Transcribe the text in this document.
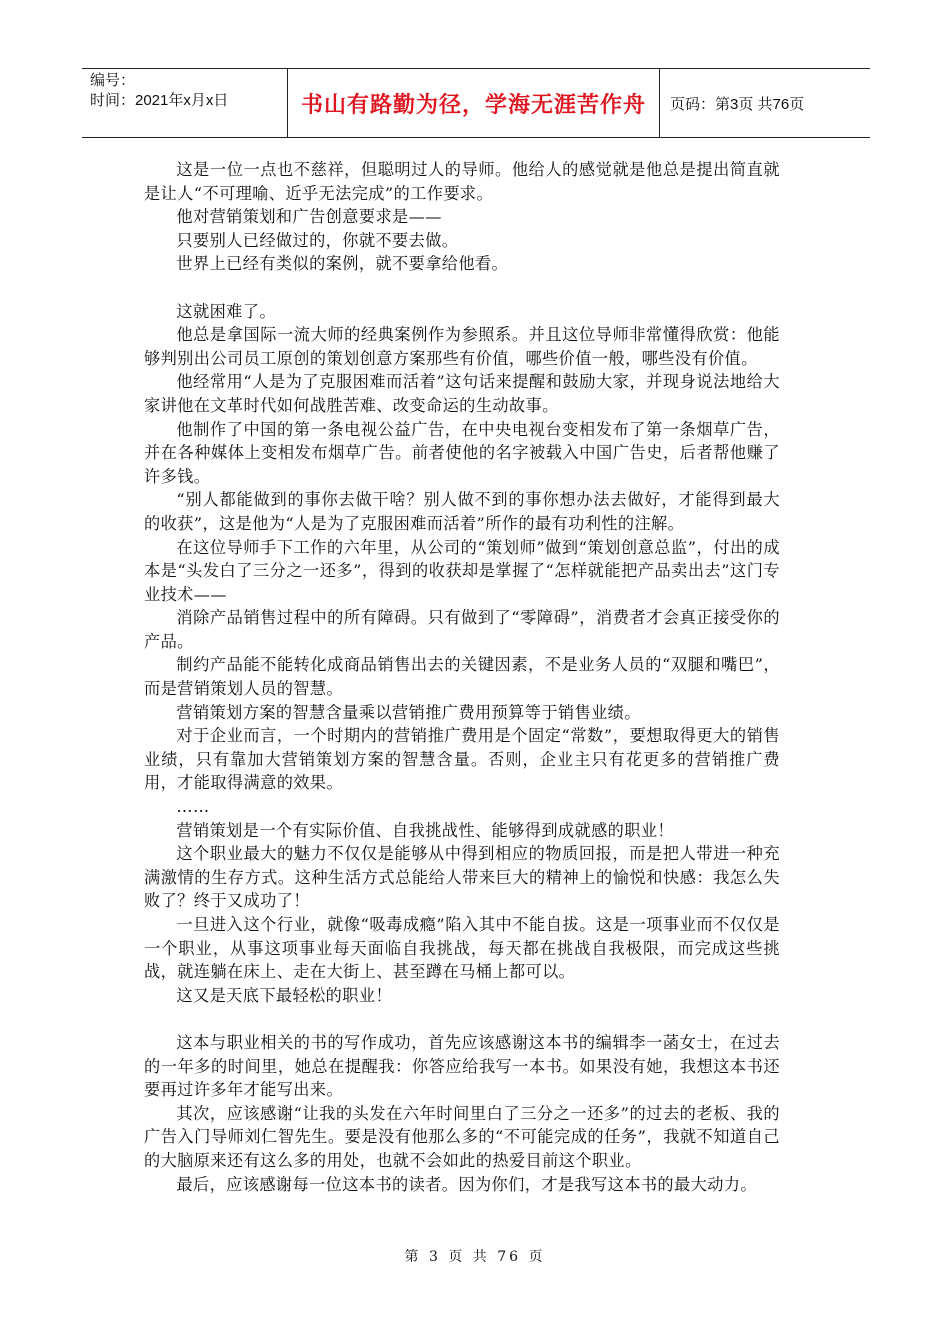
编号：
时间：2021年x月x日	书山有路勤为径，学海无涯苦作舟	页码：第3页 共76页

这是一位一点也不慈祥，但聪明过人的导师。他给人的感觉就是他总是提出简直就是让人“不可理喻、近乎无法完成”的工作要求。

他对营销策划和广告创意要求是——

只要别人已经做过的，你就不要去做。

世界上已经有类似的案例，就不要拿给他看。

这就困难了。

他总是拿国际一流大师的经典案例作为参照系。并且这位导师非常懂得欣赏：他能够判别出公司员工原创的策划创意方案那些有价值，哪些价值一般，哪些没有价值。

他经常用“人是为了克服困难而活着”这句话来提醒和鼓励大家，并现身说法地给大家讲他在文革时代如何战胜苦难、改变命运的生动故事。

他制作了中国的第一条电视公益广告，在中央电视台变相发布了第一条烟草广告，并在各种媒体上变相发布烟草广告。前者使他的名字被载入中国广告史，后者帮他赚了许多钱。

“别人都能做到的事你去做干啥？别人做不到的事你想办法去做好，才能得到最大的收获”，这是他为“人是为了克服困难而活着”所作的最有功利性的注解。

在这位导师手下工作的六年里，从公司的“策划师”做到“策划创意总监”，付出的成本是“头发白了三分之一还多”，得到的收获却是掌握了“怎样就能把产品卖出去”这门专业技术——

消除产品销售过程中的所有障碍。只有做到了“零障碍”，消费者才会真正接受你的产品。

制约产品能不能转化成商品销售出去的关键因素，不是业务人员的“双腿和嘴巴”，而是营销策划人员的智慧。

营销策划方案的智慧含量乘以营销推广费用预算等于销售业绩。

对于企业而言，一个时期内的营销推广费用是个固定“常数”，要想取得更大的销售业绩，只有靠加大营销策划方案的智慧含量。否则，企业主只有花更多的营销推广费用，才能取得满意的效果。

……

营销策划是一个有实际价值、自我挑战性、能够得到成就感的职业！

这个职业最大的魅力不仅仅是能够从中得到相应的物质回报，而是把人带进一种充满激情的生存方式。这种生活方式总能给人带来巨大的精神上的愉悦和快感：我怎么失败了？终于又成功了！

一旦进入这个行业，就像“吸毒成瘾”陷入其中不能自拔。这是一项事业而不仅仅是一个职业，从事这项事业每天面临自我挑战，每天都在挑战自我极限，而完成这些挑战，就连躺在床上、走在大街上、甚至蹲在马桶上都可以。

这又是天底下最轻松的职业！

这本与职业相关的书的写作成功，首先应该感谢这本书的编辑李一菡女士，在过去的一年多的时间里，她总在提醒我：你答应给我写一本书。如果没有她，我想这本书还要再过许多年才能写出来。

其次，应该感谢“让我的头发在六年时间里白了三分之一还多”的过去的老板、我的广告入门导师刘仁智先生。要是没有他那么多的“不可能完成的任务”，我就不知道自己的大脑原来还有这么多的用处，也就不会如此的热爱目前这个职业。

最后，应该感谢每一位这本书的读者。因为你们，才是我写这本书的最大动力。

第 3 页 共 76 页
